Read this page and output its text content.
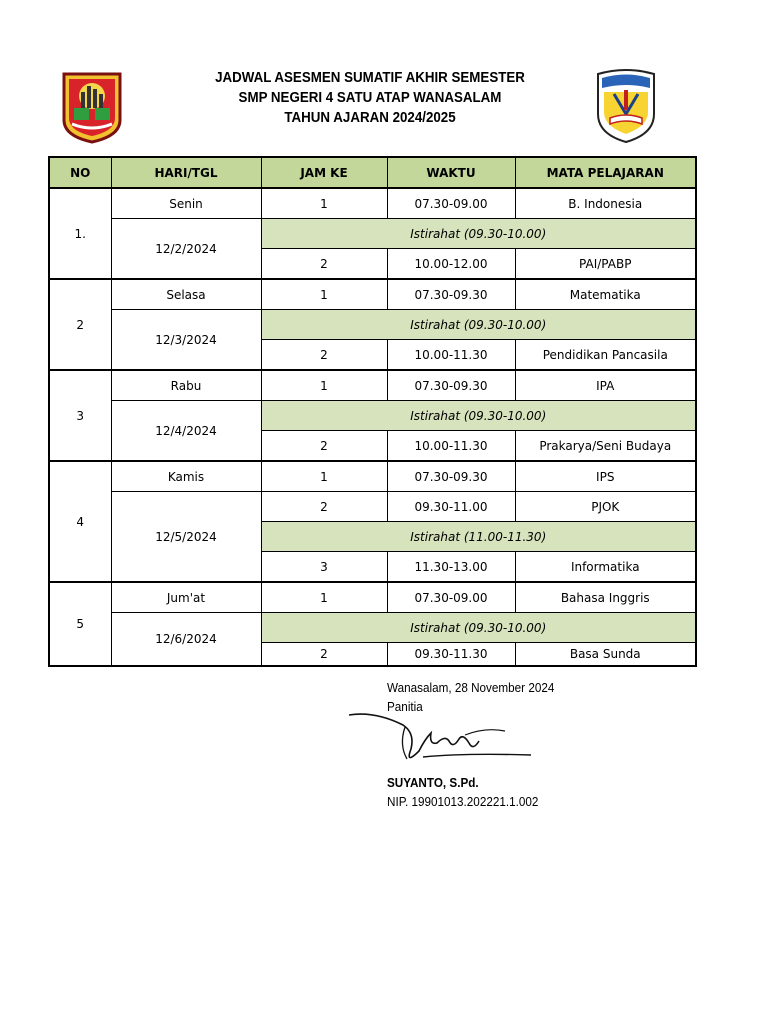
JADWAL ASESMEN SUMATIF AKHIR SEMESTER
SMP NEGERI 4 SATU ATAP WANASALAM
TAHUN AJARAN 2024/2025
NO	HARI/TGL	JAM KE	WAKTU	MATA PELAJARAN
1.	Senin	1	07.30-09.00	B. Indonesia
	12/2/2024	Istirahat (09.30-10.00)		
		2	10.00-12.00	PAI/PABP
2	Selasa	1	07.30-09.30	Matematika
	12/3/2024	Istirahat (09.30-10.00)		
		2	10.00-11.30	Pendidikan Pancasila
3	Rabu	1	07.30-09.30	IPA
	12/4/2024	Istirahat (09.30-10.00)		
		2	10.00-11.30	Prakarya/Seni Budaya
4	Kamis	1	07.30-09.30	IPS
	12/5/2024	2	09.30-11.00	PJOK
		Istirahat (11.00-11.30)		
		3	11.30-13.00	Informatika
5	Jum'at	1	07.30-09.00	Bahasa Inggris
	12/6/2024	Istirahat (09.30-10.00)		
		2	09.30-11.30	Basa Sunda
Wanasalam, 28 November 2024
Panitia
SUYANTO, S.Pd.
NIP. 19901013.202221.1.002
